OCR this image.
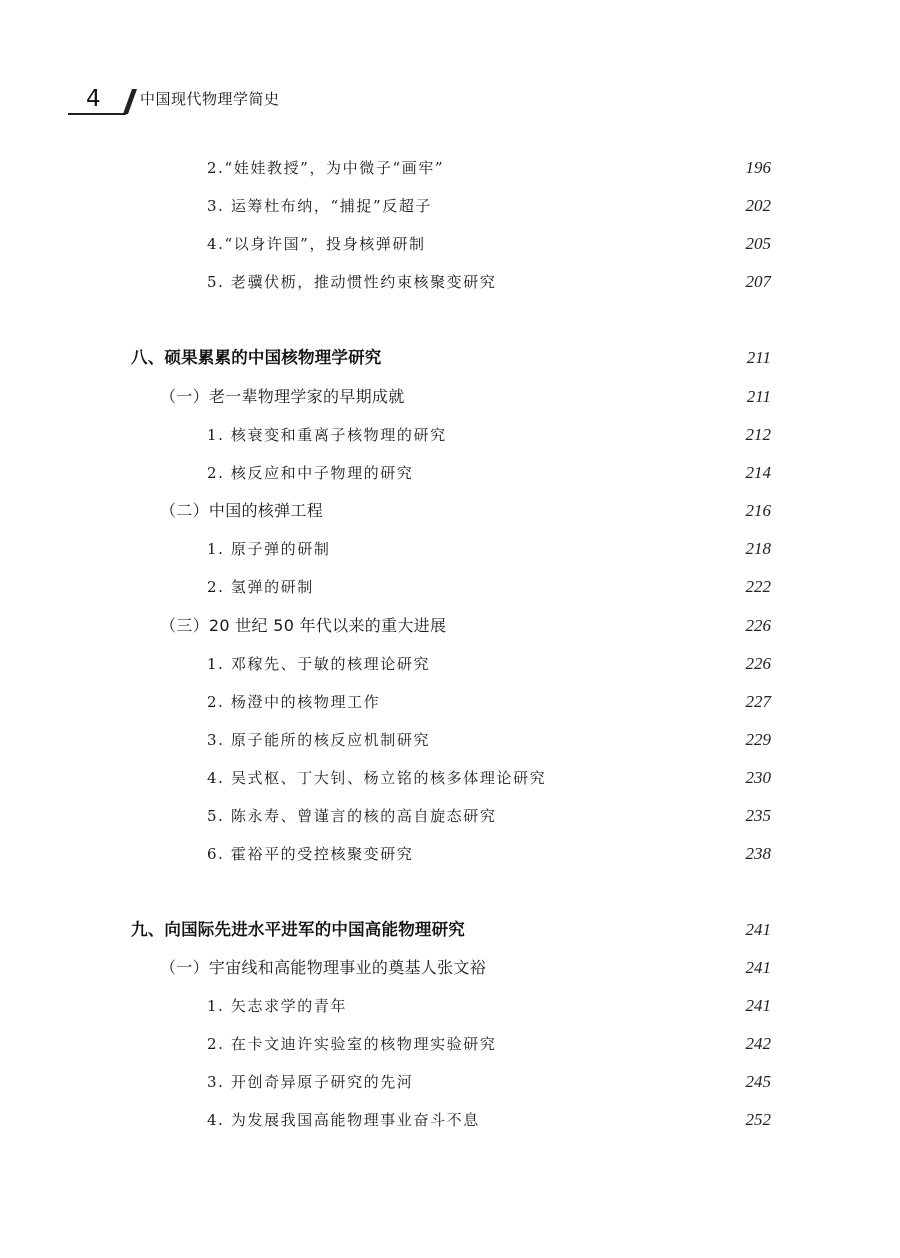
4	中国现代物理学简史
2.“娃娃教授”，为中微子“画牢”	196
3. 运筹杜布纳，“捕捉”反超子	202
4.“以身许国”，投身核弹研制	205
5. 老骥伏枥，推动惯性约束核聚变研究	207
八、硕果累累的中国核物理学研究	211
（一）老一辈物理学家的早期成就	211
1. 核衰变和重离子核物理的研究	212
2. 核反应和中子物理的研究	214
（二）中国的核弹工程	216
1. 原子弹的研制	218
2. 氢弹的研制	222
（三）20 世纪 50 年代以来的重大进展	226
1. 邓稼先、于敏的核理论研究	226
2. 杨澄中的核物理工作	227
3. 原子能所的核反应机制研究	229
4. 吴式枢、丁大钊、杨立铭的核多体理论研究	230
5. 陈永寿、曾谨言的核的高自旋态研究	235
6. 霍裕平的受控核聚变研究	238
九、向国际先进水平进军的中国高能物理研究	241
（一）宇宙线和高能物理事业的奠基人张文裕	241
1. 矢志求学的青年	241
2. 在卡文迪许实验室的核物理实验研究	242
3. 开创奇异原子研究的先河	245
4. 为发展我国高能物理事业奋斗不息	252
